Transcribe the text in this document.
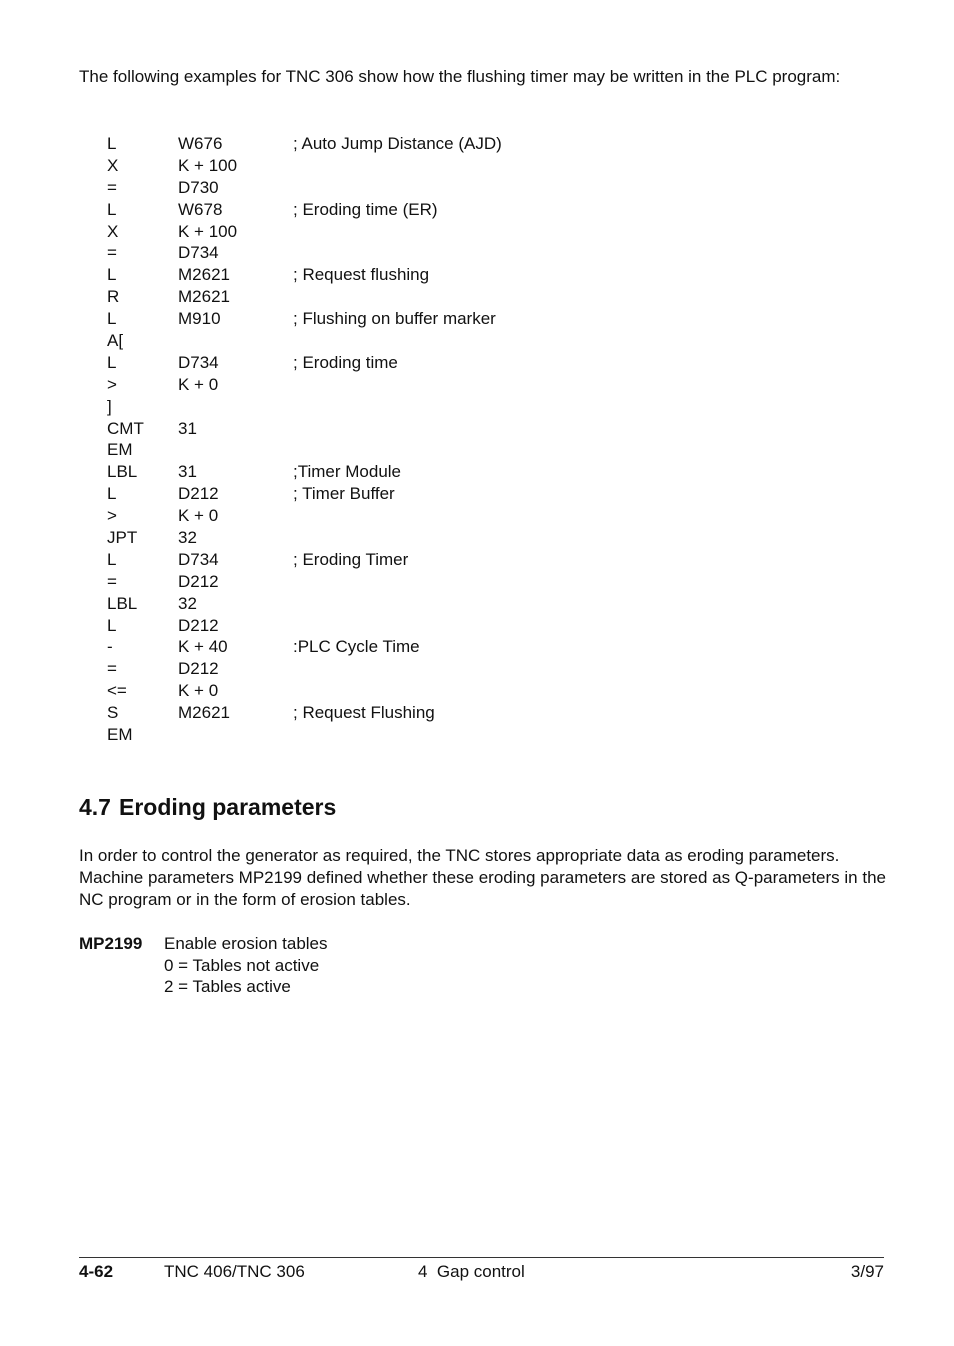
The following examples for TNC 306 show how the flushing timer may be written in the PLC program:

L	W676	; Auto Jump Distance (AJD)
X	K + 100
=	D730
L	W678	; Eroding time (ER)
X	K + 100
=	D734
L	M2621	; Request flushing
R	M2621
L	M910	; Flushing on buffer marker
A[
L	D734	; Eroding time
>	K + 0
]
CMT 31
EM
LBL 31	;Timer Module
L	D212	; Timer Buffer
>	K + 0
JPT 32
L	D734	; Eroding Timer
=	D212
LBL 32
L	D212
-	K + 40	:PLC Cycle Time
=	D212
<=	K + 0
S	M2621	; Request Flushing
EM
4.7 Eroding parameters

In order to control the generator as required, the TNC stores appropriate data as eroding parameters. Machine parameters MP2199 defined whether these eroding parameters are stored as Q-parameters in the NC program or in the form of erosion tables.

MP2199 Enable erosion tables
0 = Tables not active
2 = Tables active
4-62	TNC 406/TNC 306	4  Gap control	3/97
